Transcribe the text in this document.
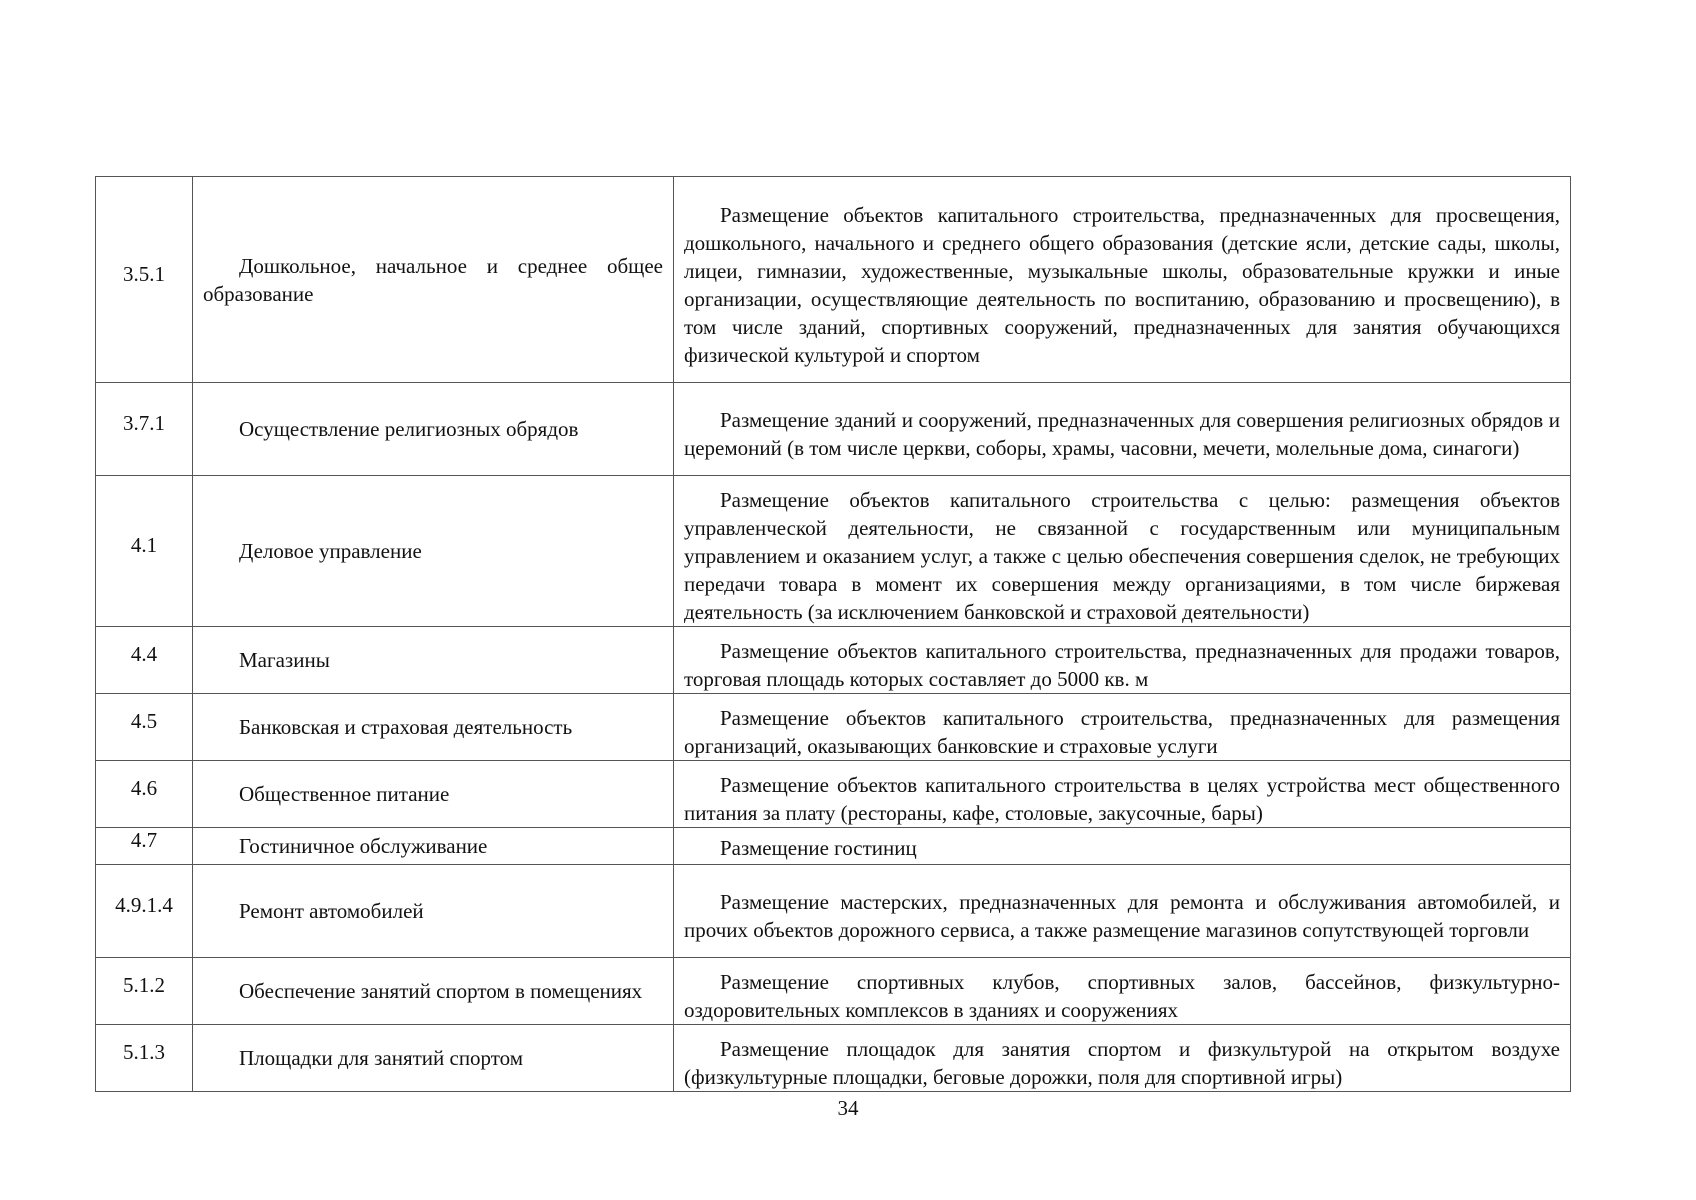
3.5.1	Дошкольное, начальное и среднее общее образование	Размещение объектов капитального строительства, предназначенных для просвещения, дошкольного, начального и среднего общего образования (детские ясли, детские сады, школы, лицеи, гимназии, художественные, музыкальные школы, образовательные кружки и иные организации, осуществляющие деятельность по воспитанию, образованию и просвещению), в том числе зданий, спортивных сооружений, предназначенных для занятия обучающихся физической культурой и спортом
3.7.1	Осуществление религиозных обрядов	Размещение зданий и сооружений, предназначенных для совершения религиозных обрядов и церемоний (в том числе церкви, соборы, храмы, часовни, мечети, молельные дома, синагоги)
4.1	Деловое управление	Размещение объектов капитального строительства с целью: размещения объектов управленческой деятельности, не связанной с государственным или муниципальным управлением и оказанием услуг, а также с целью обеспечения совершения сделок, не требующих передачи товара в момент их совершения между организациями, в том числе биржевая деятельность (за исключением банковской и страховой деятельности)
4.4	Магазины	Размещение объектов капитального строительства, предназначенных для продажи товаров, торговая площадь которых составляет до 5000 кв. м
4.5	Банковская и страховая деятельность	Размещение объектов капитального строительства, предназначенных для размещения организаций, оказывающих банковские и страховые услуги
4.6	Общественное питание	Размещение объектов капитального строительства в целях устройства мест общественного питания за плату (рестораны, кафе, столовые, закусочные, бары)
4.7	Гостиничное обслуживание	Размещение гостиниц
4.9.1.4	Ремонт автомобилей	Размещение мастерских, предназначенных для ремонта и обслуживания автомобилей, и прочих объектов дорожного сервиса, а также размещение магазинов сопутствующей торговли
5.1.2	Обеспечение занятий спортом в помещениях	Размещение спортивных клубов, спортивных залов, бассейнов, физкультурно-оздоровительных комплексов в зданиях и сооружениях
5.1.3	Площадки для занятий спортом	Размещение площадок для занятия спортом и физкультурой на открытом воздухе (физкультурные площадки, беговые дорожки, поля для спортивной игры)
34
